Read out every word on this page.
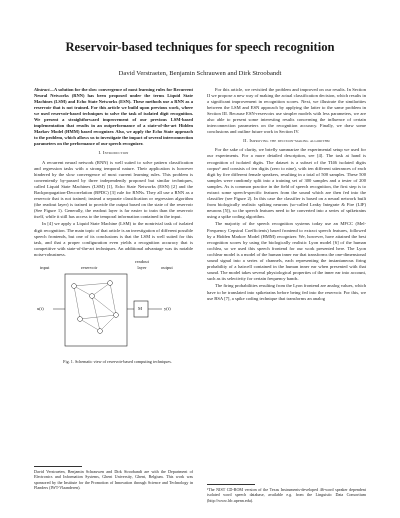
Reservoir-based techniques for speech recognition
David Verstraeten, Benjamin Schrauwen and Dirk Stroobandt

Abstract—A solution for the slow convergence of most learning rules for Recurrent Neural Networks (RNN) has been proposed under the terms Liquid State Machines (LSM) and Echo State Networks (ESN). These methods use a RNN as a reservoir that is not trained. For this article we build upon previous work, where we used reservoir-based techniques to solve the task of isolated digit recognition. We present a straightforward improvement of our previous LSM-based implementation that results in an outperformance of a state-of-the-art Hidden Markov Model (HMM) based recognizer. Also, we apply the Echo State approach to the problem, which allows us to investigate the impact of several interconnection parameters on the performance of our speech recognizer.

I. Introduction

A recurrent neural network (RNN) is well suited to solve pattern classification and regression tasks with a strong temporal nature. Their application is however hindered by the slow convergence of most current learning rules. This problem is conveniently by-passed by three independently proposed but similar techniques, called Liquid State Machines (LSM) [1], Echo State Networks (ESN) [2] and the Backpropagation-Decorrelation (BPDC) [3] rule for RNNs. They all use a RNN as a reservoir that is not trained; instead a separate classification or regression algorithm (the readout layer) is trained to provide the output based on the state of the reservoir (See Figure 1). Generally, the readout layer is far easier to train than the reservoir itself, while it still has access to the temporal information contained in the input.

In [4] we apply a Liquid State Machine (LSM) to the nontrivial task of isolated digit recognition. The main topic of that article is an investigation of different possible speech frontends, but one of its conclusions is that the LSM is well suited for this task, and that a proper configuration even yields a recognition accuracy that is competitive with state-of-the-art techniques. An additional advantage was its notable noise-robustness.

input	reservoir
readout
layer	output
u(t)	M	y(t)

Fig. 1. Schematic view of reservoir-based computing techniques.

David Verstraeten, Benjamin Schrauwen and Dirk Stroobandt are with the Department of Electronics and Information Systems, Ghent University, Ghent, Belgium. This work was sponsored by the Institute for the Promotion of Innovation through Science and Technology in Flanders (IWT-Vlaanderen).

For this article, we revisited the problem and improved on our results. In Section II we propose a new way of making the actual classification decision, which results in a significant improvement in recognition scores. Next, we illustrate the similarities between the LSM and ESN approach by applying the latter to the same problem in Section III. Because ESN-reservoirs use simpler models with less parameters, we are also able to present some interesting results concerning the influence of certain interconnection parameters on the recognition accuracy. Finally, we draw some conclusions and outline future work in Section IV.

II. Improving the decision-making algorithm

For the sake of clarity, we briefly summarize the experimental setup we used for our experiments. For a more detailed description, see [4]. The task at hand is recognition of isolated digits. The dataset is a subset of the TI46 isolated digits corpus¹ and consists of ten digits (zero to nine), with ten different utterances of each digit by five different female speakers, resulting in a total of 500 samples. These 500 samples were randomly split into a training set of 300 samples and a tester of 200 samples. As is common practice in the field of speech recognition, the first step is to extract some speech-specific features from the sound which are then fed into the classifier (see Figure 2). In this case the classifier is based on a neural network built from biologically realistic spiking neurons (so-called Leaky Integrate & Fire (LIF) neurons [5]), so the speech features need to be converted into a series of spiketrains using a spike coding algorithm.

The majority of the speech recognition systems today use an MFCC (Mel-Frequency Cepstral Coefficients) based frontend to extract speech features, followed by a Hidden Markov Model (HMM) recognizer. We, however, have attained the best recognition scores by using the biologically realistic Lyon model [6] of the human cochlea, so we used this speech frontend for our work presented here. The Lyon cochlear model is a model of the human inner ear that transforms the one-dimensional sound signal into a series of channels, each representing the instantaneous firing probability of a haircell contained in the human inner ear when presented with that sound. The model takes several physiological properties of the inner ear into account, such as its selectivity for certain frequency bands.

The firing probabilities resulting from the Lyon frontend are analog values, which have to be translated into spiketrains before being fed into the reservoir. For this, we use BSA [7], a spike coding technique that transforms an analog

¹The NIST CD-ROM version of the Texas Instruments-developed 46-word speaker dependent isolated word speech database, available e.g. from the Linguistic Data Consortium (http://www.ldc.upenn.edu).
